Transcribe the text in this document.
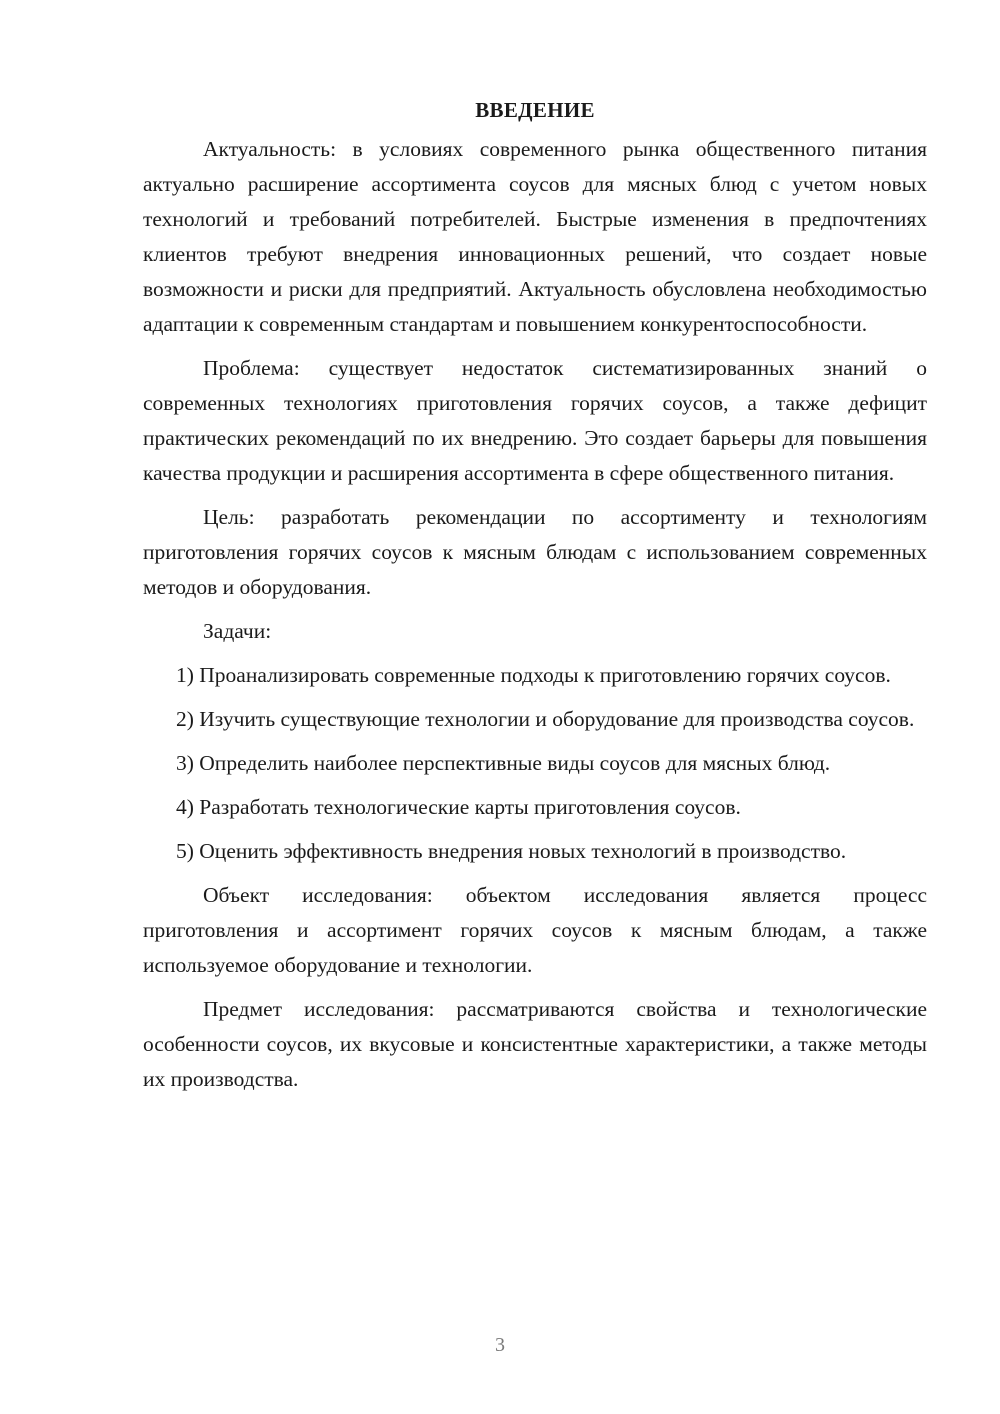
ВВЕДЕНИЕ

Актуальность: в условиях современного рынка общественного питания актуально расширение ассортимента соусов для мясных блюд с учетом новых технологий и требований потребителей. Быстрые изменения в предпочтениях клиентов требуют внедрения инновационных решений, что создает новые возможности и риски для предприятий. Актуальность обусловлена необходимостью адаптации к современным стандартам и повышением конкурентоспособности.

Проблема: существует недостаток систематизированных знаний о современных технологиях приготовления горячих соусов, а также дефицит практических рекомендаций по их внедрению. Это создает барьеры для повышения качества продукции и расширения ассортимента в сфере общественного питания.

Цель: разработать рекомендации по ассортименту и технологиям приготовления горячих соусов к мясным блюдам с использованием современных методов и оборудования.

Задачи:

1) Проанализировать современные подходы к приготовлению горячих соусов.

2) Изучить существующие технологии и оборудование для производства соусов.

3) Определить наиболее перспективные виды соусов для мясных блюд.

4) Разработать технологические карты приготовления соусов.

5) Оценить эффективность внедрения новых технологий в производство.

Объект исследования: объектом исследования является процесс приготовления и ассортимент горячих соусов к мясным блюдам, а также используемое оборудование и технологии.

Предмет исследования: рассматриваются свойства и технологические особенности соусов, их вкусовые и консистентные характеристики, а также методы их производства.

3
